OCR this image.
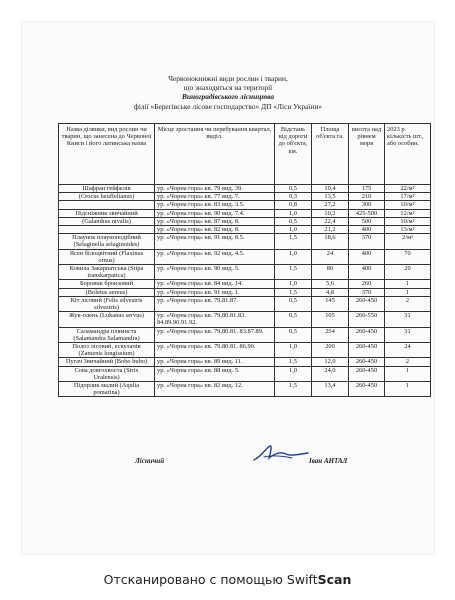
Червонокнижні види рослин і тварин,
що знаходяться на території
Виноградівського лісництва
філії «Берегівське лісове господарство» ДП «Ліси України»
Назва ділянки, вид рослин чи тварин, що занесена до Червоної Книги і його латинська назва	Місце зростання чи перебування квартал, виділ.	Відстань від дороги до об'єкта, км.	Площа об'єкта га.	висота над рівнем моря	2023 р. кількість шт., або особин.
Шафран гейфелів	ур. «Чорна гора» кв. 79 вид. 39.	0,5	10,4	175	22/м²
(Crocus heuffelianus)	ур. «Чорна гора» кв. 77 вид. 7.	0,3	13,5	210	17/м²
	ур. «Чорна гора» кв. 83 вид. 3.5.	0,8	27,2	300	10/м²
Підсніжник звичайний	ур. «Чорна гора» кв. 90 вид. 7.4.	1,0	10,2	425-500	12/м²
(Galanthus nivalis)	ур. «Чорна гора» кв. 87 вид. 8.	0,5	22,4	500	10/м²
	ур. «Чорна гора» кв. 82 вид. 8.	1,0	21,2	400	13/м²
Плаунок плауноподібний (Selaginella selaginoides)	ур. «Чорна гора» кв. 91 вид. 8.5.	1,5	18,6	370	2/м²
Ясен білоцвітний (Flaxinus ornus)	ур. «Чорна гора» кв. 92 вид. 4.5.	1,0	24	400	70
Ковила Закарпатська (Stipa transkarpatica)	ур. «Чорна гора» кв. 90 вид. 5.	1,5	80	400	20
Боровик бронзовий	ур. «Чорна гора» кв. 84 вид. 14.	1,0	5,6	260	1
(Boletus aereus)	ур. «Чорна гора» кв. 91 вид. 1.	1,5	4,8	370	1
Кіт лісовий (Felis silvestris silvestris)	ур. «Чорна гора» кв. 79.81.87.	0,5	145	260-450	2
Жук-олень (Lukanus servus)	ур. «Чорна гора» кв. 79.80.81.83. 84.89.90.91.92.	0,5	105	260-550	31
Саламандра плямиста (Salamandra Salamandra)	ур. «Чорна гора» кв. 79.80.81. 83.87.89.	0,5	254	260-450	31
Полоз лісовий, ескулапів (Zamenis longissium)	ур. «Чорна гора» кв. 79.80.81. 86.90.	1,0	200	260-450	24
Пугач Звичайний (Bobo bubo)	ур. «Чорна гора» кв. 89 вид. 11.	1,5	12,0	260-450	2
Сова довгохвоста (Strix Uralensis)	ур. «Чорна гора» кв. 88 вид. 5.	1,0	24,0	260-450	1
Підорлик малий (Aqulia pomarina)	ур. «Чорна гора» кв. 82 вид. 12.	1,5	13,4	260-450	1
Лісничий	Іван АНТАЛ
Отсканировано с помощью SwiftScan
